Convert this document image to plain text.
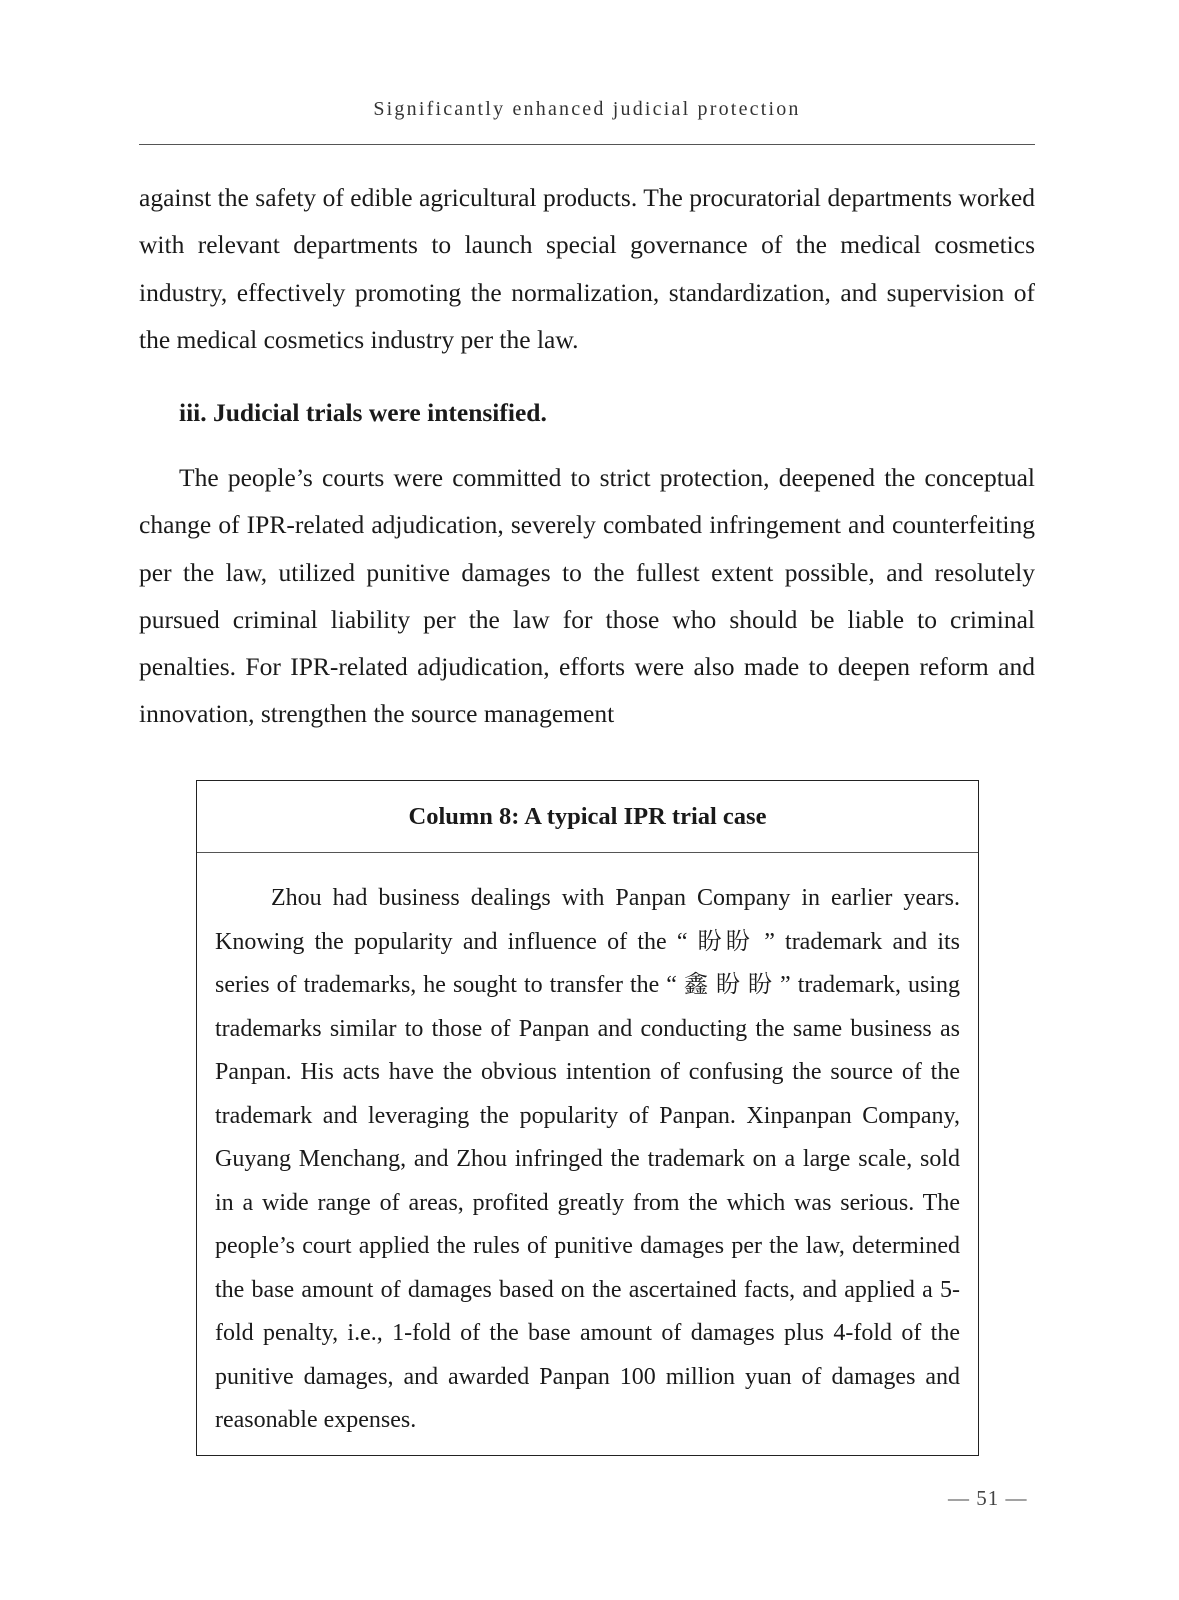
Significantly enhanced judicial protection

against the safety of edible agricultural products. The procuratorial departments worked with relevant departments to launch special governance of the medical cosmetics industry, effectively promoting the normalization, standardization, and supervision of the medical cosmetics industry per the law.

iii. Judicial trials were intensified.

The people’s courts were committed to strict protection, deepened the conceptual change of IPR-related adjudication, severely combated infringement and counterfeiting per the law, utilized punitive damages to the fullest extent possible, and resolutely pursued criminal liability per the law for those who should be liable to criminal penalties. For IPR-related adjudication, efforts were also made to deepen reform and innovation, strengthen the source management

Column 8: A typical IPR trial case

Zhou had business dealings with Panpan Company in earlier years. Knowing the popularity and influence of the “ 盼盼 ” trademark and its series of trademarks, he sought to transfer the “ 鑫 盼 盼 ” trademark, using trademarks similar to those of Panpan and conducting the same business as Panpan. His acts have the obvious intention of confusing the source of the trademark and leveraging the popularity of Panpan. Xinpanpan Company, Guyang Menchang, and Zhou infringed the trademark on a large scale, sold in a wide range of areas, profited greatly from the which was serious. The people’s court applied the rules of punitive damages per the law, determined the base amount of damages based on the ascertained facts, and applied a 5-fold penalty, i.e., 1-fold of the base amount of damages plus 4-fold of the punitive damages, and awarded Panpan 100 million yuan of damages and reasonable expenses.

— 51 —
